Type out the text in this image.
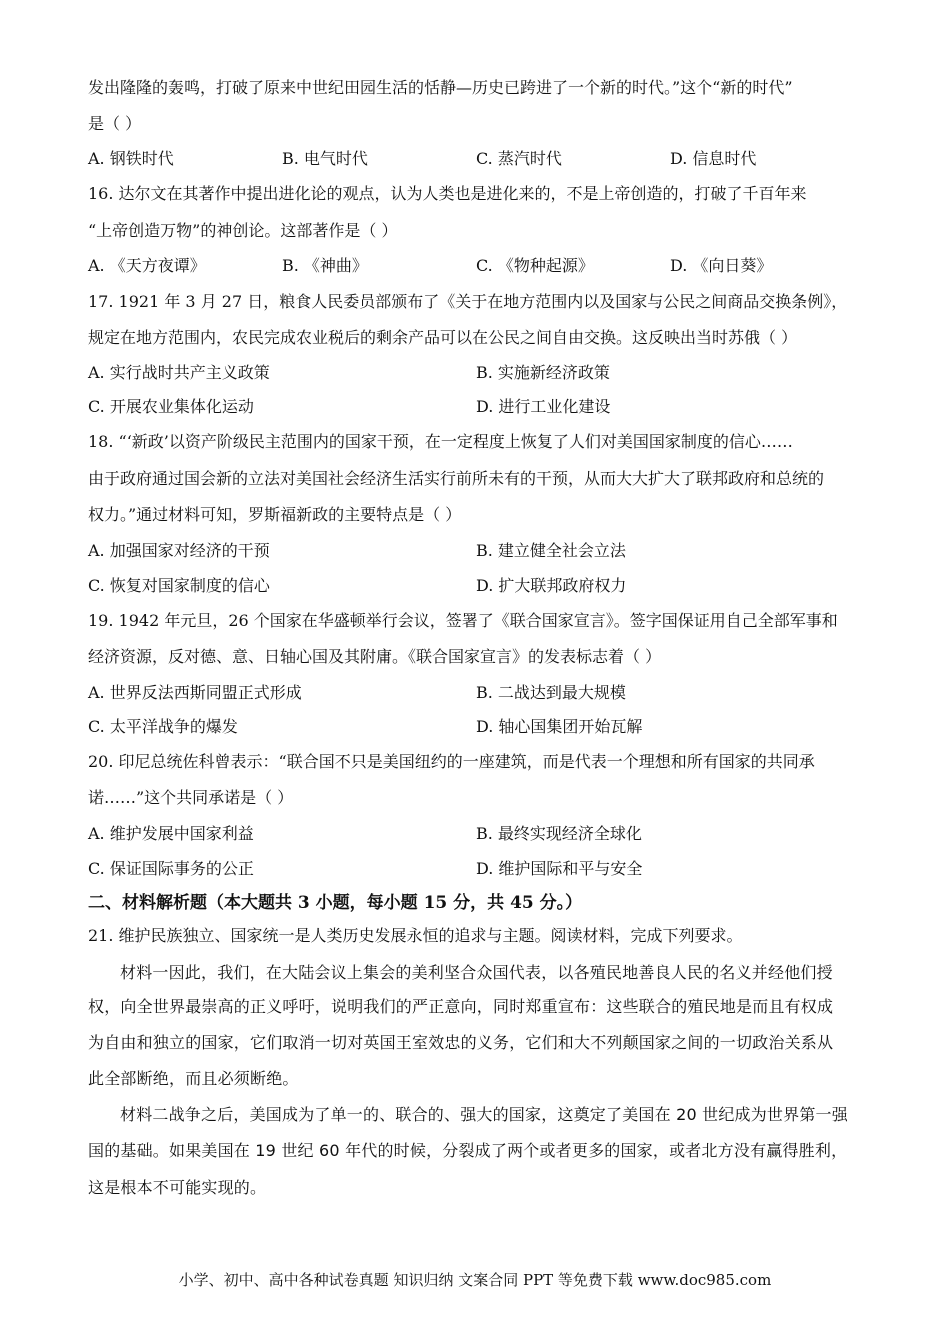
发出隆隆的轰鸣，打破了原来中世纪田园生活的恬静—历史已跨进了一个新的时代。”这个“新的时代”
是（ ）
A. 钢铁时代	B. 电气时代	C. 蒸汽时代	D. 信息时代
16. 达尔文在其著作中提出进化论的观点，认为人类也是进化来的，不是上帝创造的，打破了千百年来
“上帝创造万物”的神创论。这部著作是（ ）
A. 《天方夜谭》	B. 《神曲》	C. 《物种起源》	D. 《向日葵》
17. 1921 年 3 月 27 日，粮食人民委员部颁布了《关于在地方范围内以及国家与公民之间商品交换条例》，
规定在地方范围内，农民完成农业税后的剩余产品可以在公民之间自由交换。这反映出当时苏俄（ ）
A. 实行战时共产主义政策	B. 实施新经济政策
C. 开展农业集体化运动	D. 进行工业化建设
18. “‘新政’以资产阶级民主范围内的国家干预，在一定程度上恢复了人们对美国国家制度的信心……
由于政府通过国会新的立法对美国社会经济生活实行前所未有的干预，从而大大扩大了联邦政府和总统的
权力。”通过材料可知，罗斯福新政的主要特点是（ ）
A. 加强国家对经济的干预	B. 建立健全社会立法
C. 恢复对国家制度的信心	D. 扩大联邦政府权力
19. 1942 年元旦，26 个国家在华盛顿举行会议，签署了《联合国家宣言》。签字国保证用自己全部军事和
经济资源，反对德、意、日轴心国及其附庸。《联合国家宣言》的发表标志着（ ）
A. 世界反法西斯同盟正式形成	B. 二战达到最大规模
C. 太平洋战争的爆发	D. 轴心国集团开始瓦解
20. 印尼总统佐科曾表示：“联合国不只是美国纽约的一座建筑，而是代表一个理想和所有国家的共同承
诺……”这个共同承诺是（ ）
A. 维护发展中国家利益	B. 最终实现经济全球化
C. 保证国际事务的公正	D. 维护国际和平与安全
二、材料解析题（本大题共 3 小题，每小题 15 分，共 45 分。）
21. 维护民族独立、国家统一是人类历史发展永恒的追求与主题。阅读材料，完成下列要求。
材料一因此，我们，在大陆会议上集会的美利坚合众国代表，以各殖民地善良人民的名义并经他们授
权，向全世界最崇高的正义呼吁，说明我们的严正意向，同时郑重宣布：这些联合的殖民地是而且有权成
为自由和独立的国家，它们取消一切对英国王室效忠的义务，它们和大不列颠国家之间的一切政治关系从
此全部断绝，而且必须断绝。
材料二战争之后，美国成为了单一的、联合的、强大的国家，这奠定了美国在 20 世纪成为世界第一强
国的基础。如果美国在 19 世纪 60 年代的时候，分裂成了两个或者更多的国家，或者北方没有赢得胜利，
这是根本不可能实现的。
小学、初中、高中各种试卷真题 知识归纳 文案合同 PPT 等免费下载 www.doc985.com
